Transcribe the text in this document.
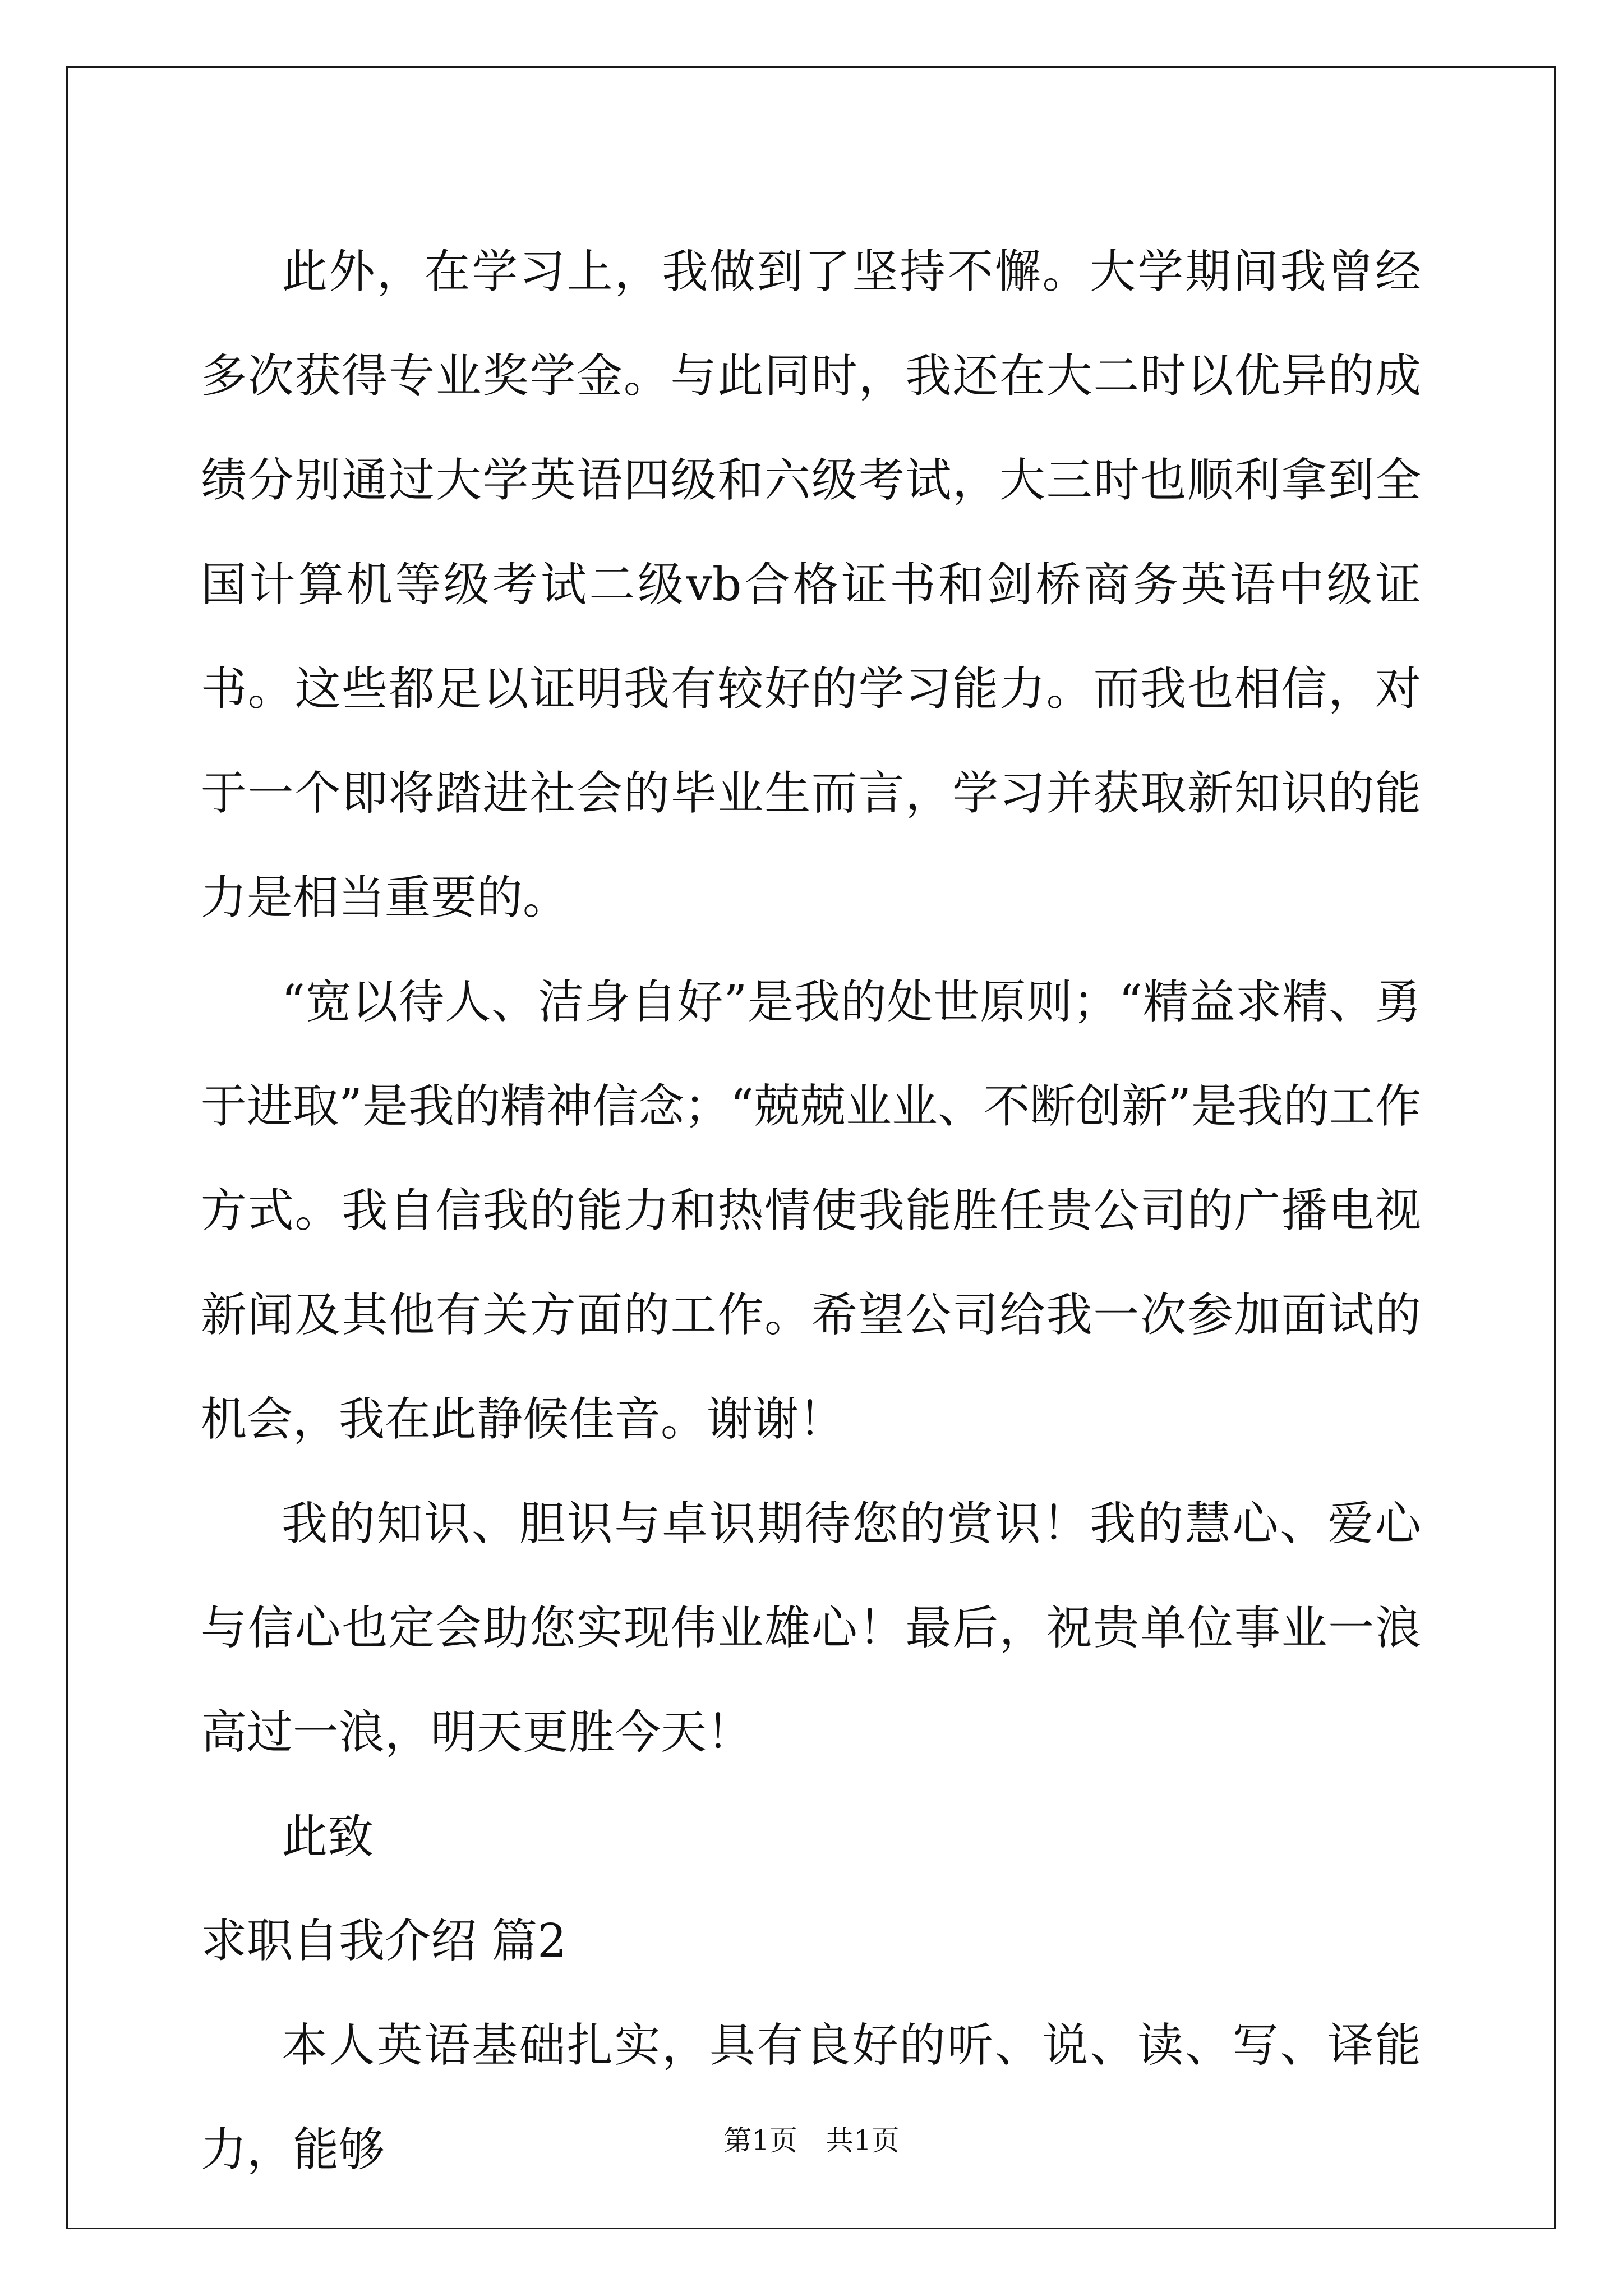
此外，在学习上，我做到了坚持不懈。大学期间我曾经多次获得专业奖学金。与此同时，我还在大二时以优异的成绩分别通过大学英语四级和六级考试，大三时也顺利拿到全国计算机等级考试二级vb合格证书和剑桥商务英语中级证书。这些都足以证明我有较好的学习能力。而我也相信，对于一个即将踏进社会的毕业生而言，学习并获取新知识的能力是相当重要的。

“宽以待人、洁身自好”是我的处世原则；“精益求精、勇于进取”是我的精神信念；“兢兢业业、不断创新”是我的工作方式。我自信我的能力和热情使我能胜任贵公司的广播电视新闻及其他有关方面的工作。希望公司给我一次参加面试的机会，我在此静候佳音。谢谢！

我的知识、胆识与卓识期待您的赏识！我的慧心、爱心与信心也定会助您实现伟业雄心！最后，祝贵单位事业一浪高过一浪，明天更胜今天！

此致

求职自我介绍 篇2

本人英语基础扎实，具有良好的听、说、读、写、译能力，能够	第1页 共1页
